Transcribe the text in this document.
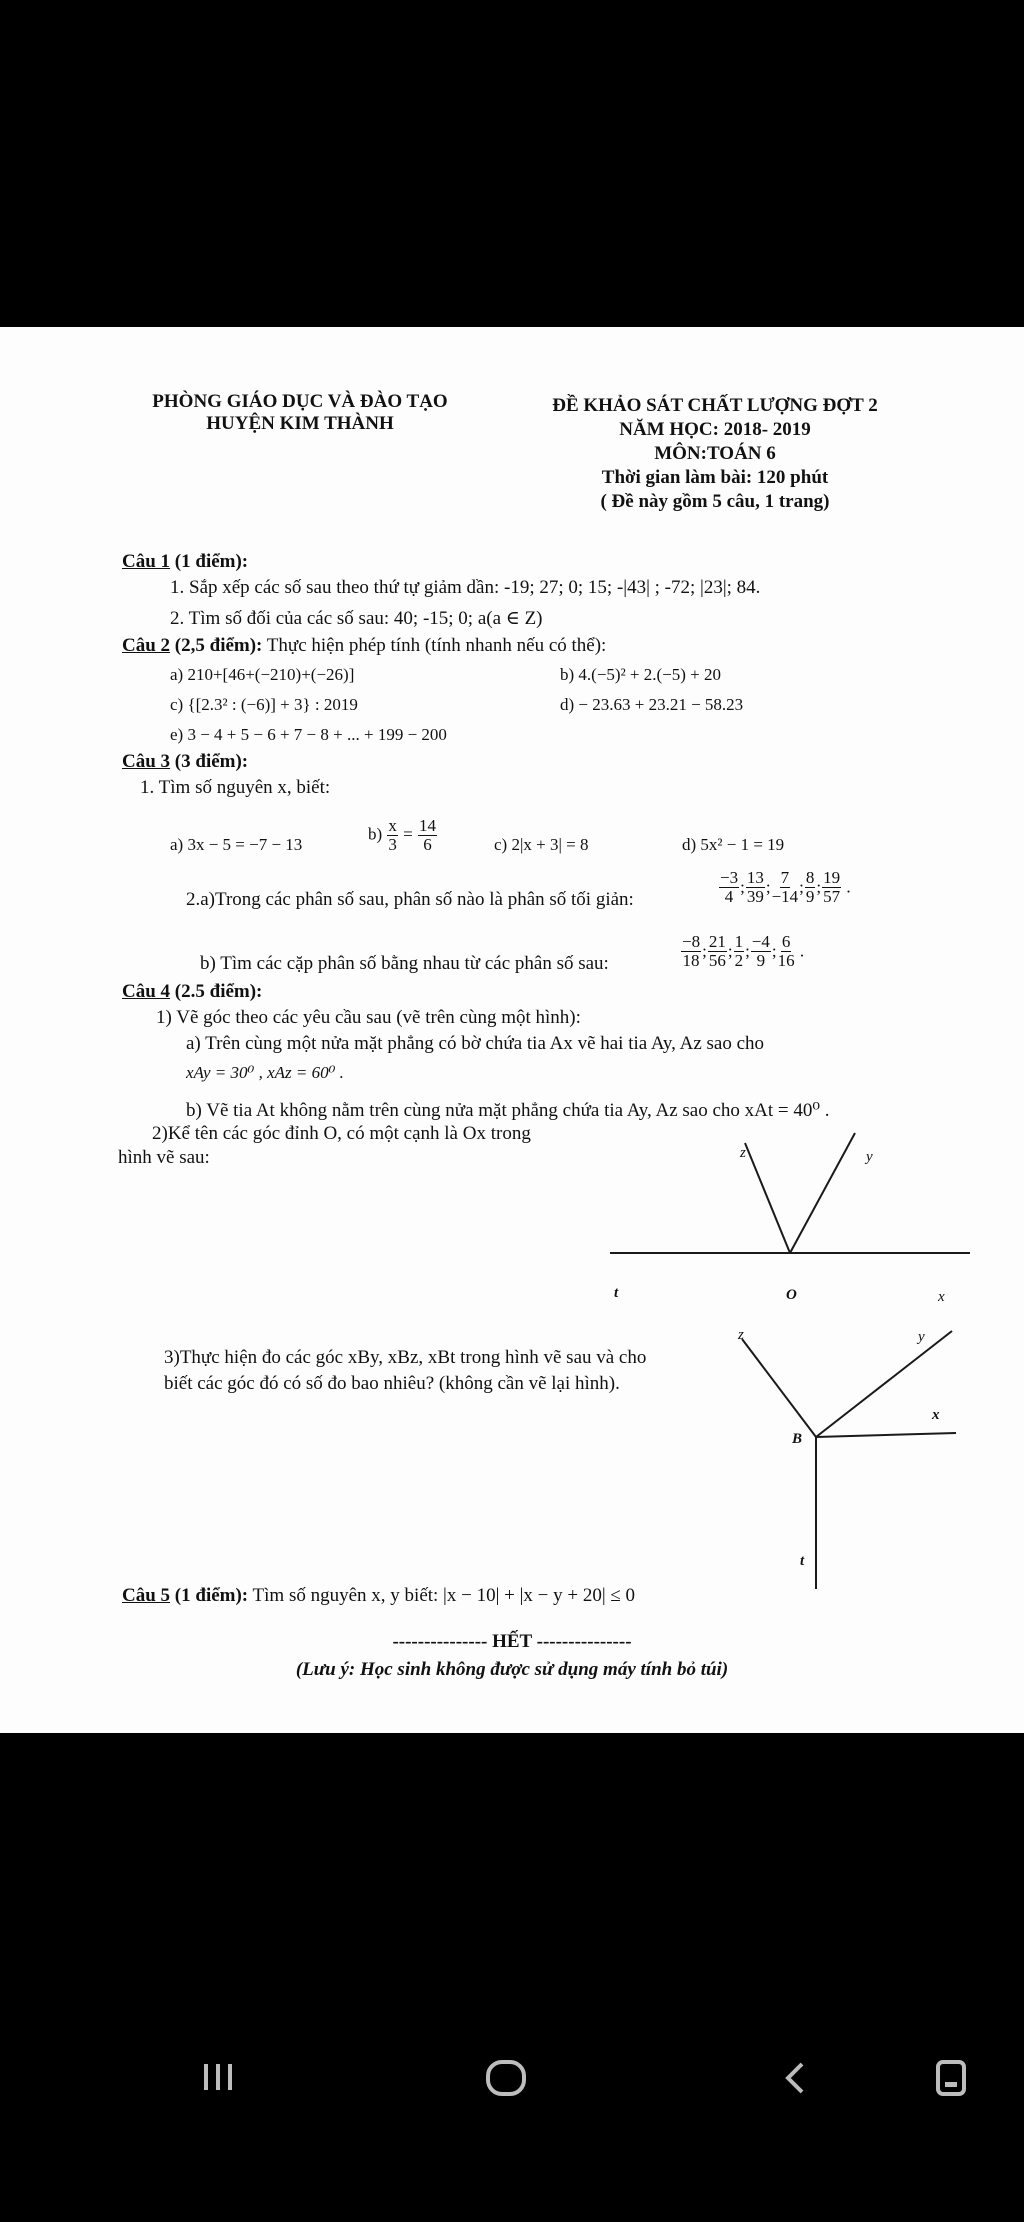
PHÒNG GIÁO DỤC VÀ ĐÀO TẠO
HUYỆN KIM THÀNH
ĐỀ KHẢO SÁT CHẤT LƯỢNG ĐỢT 2
NĂM HỌC: 2018- 2019
MÔN:TOÁN 6
Thời gian làm bài: 120 phút
( Đề này gồm 5 câu, 1 trang)
Câu 1 (1 điểm):
1. Sắp xếp các số sau theo thứ tự giảm dần: -19; 27; 0; 15; -|43| ; -72; |23|; 84.
2. Tìm số đối của các số sau: 40; -15; 0; a(a ∈ Z)
Câu 2 (2,5 điểm): Thực hiện phép tính (tính nhanh nếu có thể):
a) 210+[46+(−210)+(−26)]	b) 4.(−5)² + 2.(−5) + 20
c) {[2.3² : (−6)] + 3} : 2019	d) − 23.63 + 23.21 − 58.23
e) 3 − 4 + 5 − 6 + 7 − 8 + ... + 199 − 200
Câu 3 (3 điểm):
1. Tìm số nguyên x, biết:
a) 3x − 5 = −7 − 13
$b) \frac{x}{3} = \frac{14}{6}$	c) 2|x + 3| = 8	d) 5x² − 1 = 19
2.a)Trong các phân số sau, phân số nào là phân số tối giản:	$\frac{-3}{4}$ ; $\frac{13}{39}$ ; $\frac{7}{-14}$ ; $\frac{8}{9}$ ; $\frac{19}{57}$ .
b) Tìm các cặp phân số bằng nhau từ các phân số sau:	$\frac{-8}{18}$ ; $\frac{21}{56}$ ; $\frac{1}{2}$ ; $\frac{-4}{9}$ ; $\frac{6}{16}$ .
Câu 4 (2.5 điểm):
1) Vẽ góc theo các yêu cầu sau (vẽ trên cùng một hình):
a) Trên cùng một nửa mặt phẳng có bờ chứa tia Ax vẽ hai tia Ay, Az sao cho
xAy = 30⁰ , xAz = 60⁰ .
b) Vẽ tia At không nằm trên cùng nửa mặt phẳng chứa tia Ay, Az sao cho xAt = 40⁰ .
2)Kể tên các góc đỉnh O, có một cạnh là Ox trong
hình vẽ sau:	z	y
t	O	x
3)Thực hiện đo các góc xBy, xBz, xBt trong hình vẽ sau và cho
biết các góc đó có số đo bao nhiêu? (không cần vẽ lại hình).
z	y
x
B
t
Câu 5 (1 điểm): Tìm số nguyên x, y biết: |x − 10| + |x − y + 20| ≤ 0
--------------- HẾT ---------------
(Lưu ý: Học sinh không được sử dụng máy tính bỏ túi)
